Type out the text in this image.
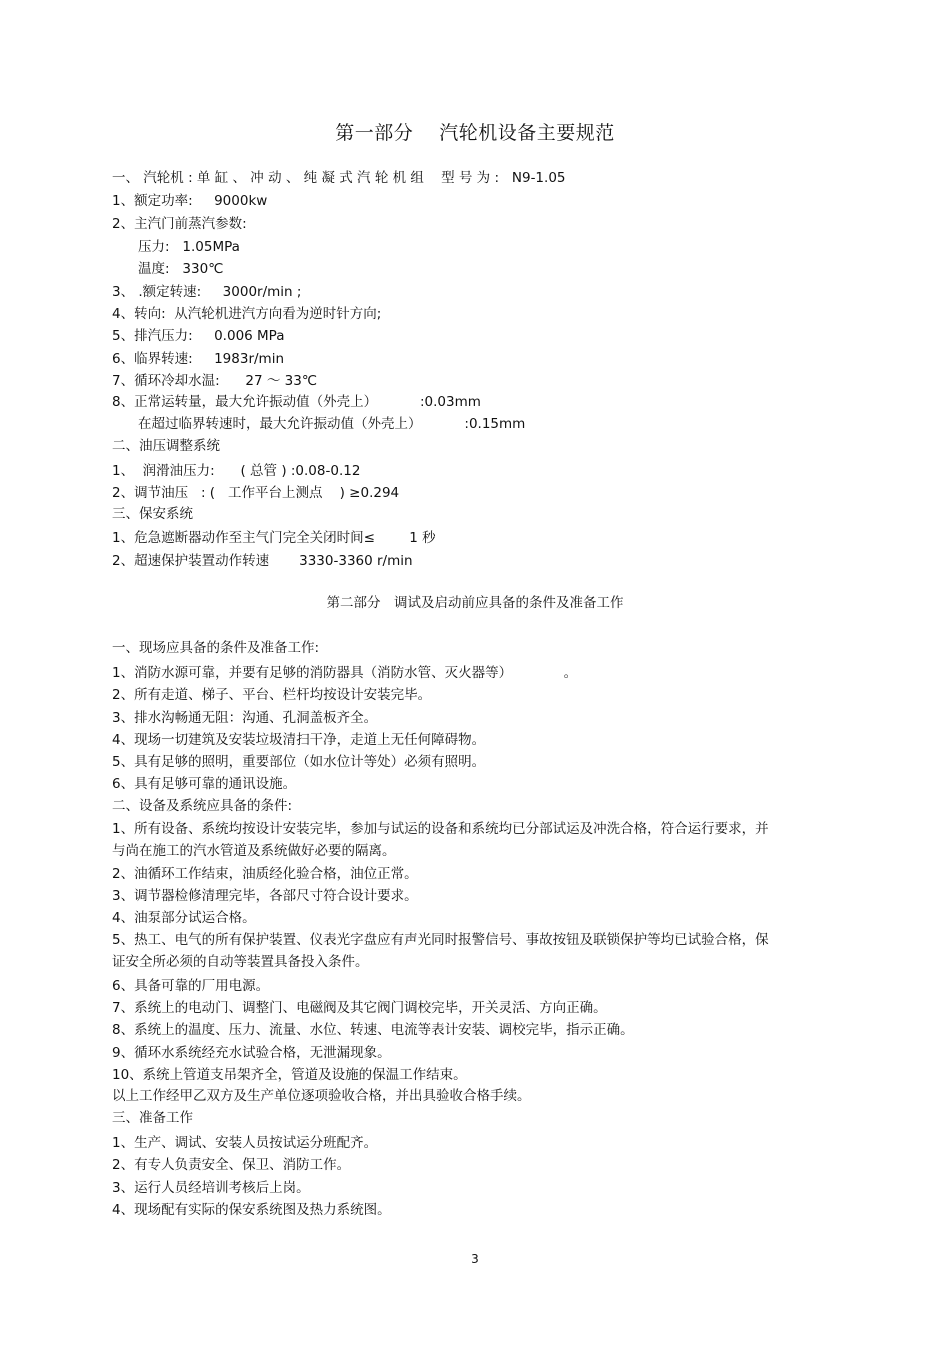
第一部分　 汽轮机设备主要规范
一、 汽轮机 : 单 缸 、 冲 动 、 纯 凝 式 汽 轮 机 组    型 号 为 :   N9-1.05
1、额定功率:     9000kw
2、主汽门前蒸汽参数:
压力:   1.05MPa
温度:   330℃
3、 .额定转速:     3000r/min ;
4、转向:  从汽轮机进汽方向看为逆时针方向;
5、排汽压力:     0.006 MPa
6、临界转速:     1983r/min
7、循环冷却水温:      27 ～ 33℃
8、正常运转量，最大允许振动值（外壳上）          :0.03mm
在超过临界转速时，最大允许振动值（外壳上）          :0.15mm
二、油压调整系统
1、  润滑油压力:      ( 总管 ) :0.08-0.12
2、调节油压   : (   工作平台上测点    ) ≥0.294
三、保安系统
1、危急遮断器动作至主气门完全关闭时间≤        1 秒
2、超速保护装置动作转速       3330-3360 r/min
第二部分　调试及启动前应具备的条件及准备工作
一、现场应具备的条件及准备工作:
1、消防水源可靠，并要有足够的消防器具（消防水管、灭火器等）            。
2、所有走道、梯子、平台、栏杆均按设计安装完毕。
3、排水沟畅通无阻：沟通、孔洞盖板齐全。
4、现场一切建筑及安装垃圾清扫干净，走道上无任何障碍物。
5、具有足够的照明，重要部位（如水位计等处）必须有照明。
6、具有足够可靠的通讯设施。
二、设备及系统应具备的条件:
1、所有设备、系统均按设计安装完毕，参加与试运的设备和系统均已分部试运及冲洗合格，符合运行要求，并与尚在施工的汽水管道及系统做好必要的隔离。
2、油循环工作结束，油质经化验合格，油位正常。
3、调节器检修清理完毕，各部尺寸符合设计要求。
4、油泵部分试运合格。
5、热工、电气的所有保护装置、仪表光字盘应有声光同时报警信号、事故按钮及联锁保护等均已试验合格，保证安全所必须的自动等装置具备投入条件。
6、具备可靠的厂用电源。
7、系统上的电动门、调整门、电磁阀及其它阀门调校完毕，开关灵活、方向正确。
8、系统上的温度、压力、流量、水位、转速、电流等表计安装、调校完毕，指示正确。
9、循环水系统经充水试验合格，无泄漏现象。
10、系统上管道支吊架齐全，管道及设施的保温工作结束。
以上工作经甲乙双方及生产单位逐项验收合格，并出具验收合格手续。
三、准备工作
1、生产、调试、安装人员按试运分班配齐。
2、有专人负责安全、保卫、消防工作。
3、运行人员经培训考核后上岗。
4、现场配有实际的保安系统图及热力系统图。
3
